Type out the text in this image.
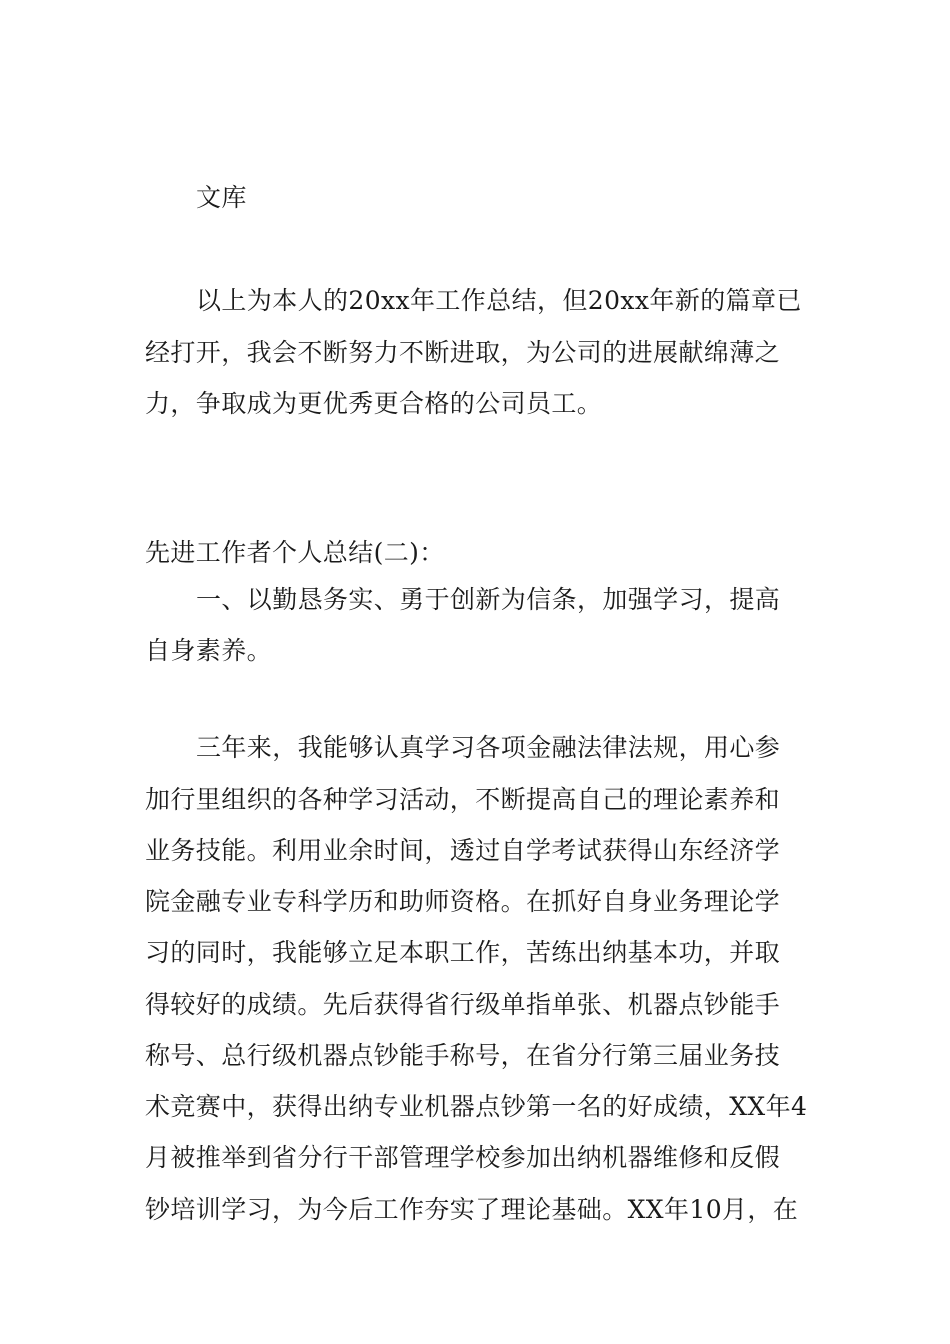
文库
以上为本人的20xx年工作总结，但20xx年新的篇章已
经打开，我会不断努力不断进取，为公司的进展献绵薄之
力，争取成为更优秀更合格的公司员工。
先进工作者个人总结(二)：
一、以勤恳务实、勇于创新为信条，加强学习，提高
自身素养。
三年来，我能够认真学习各项金融法律法规，用心参
加行里组织的各种学习活动，不断提高自己的理论素养和
业务技能。利用业余时间，透过自学考试获得山东经济学
院金融专业专科学历和助师资格。在抓好自身业务理论学
习的同时，我能够立足本职工作，苦练出纳基本功，并取
得较好的成绩。先后获得省行级单指单张、机器点钞能手
称号、总行级机器点钞能手称号，在省分行第三届业务技
术竞赛中，获得出纳专业机器点钞第一名的好成绩，XX年4
月被推举到省分行干部管理学校参加出纳机器维修和反假
钞培训学习，为今后工作夯实了理论基础。XX年10月，在
